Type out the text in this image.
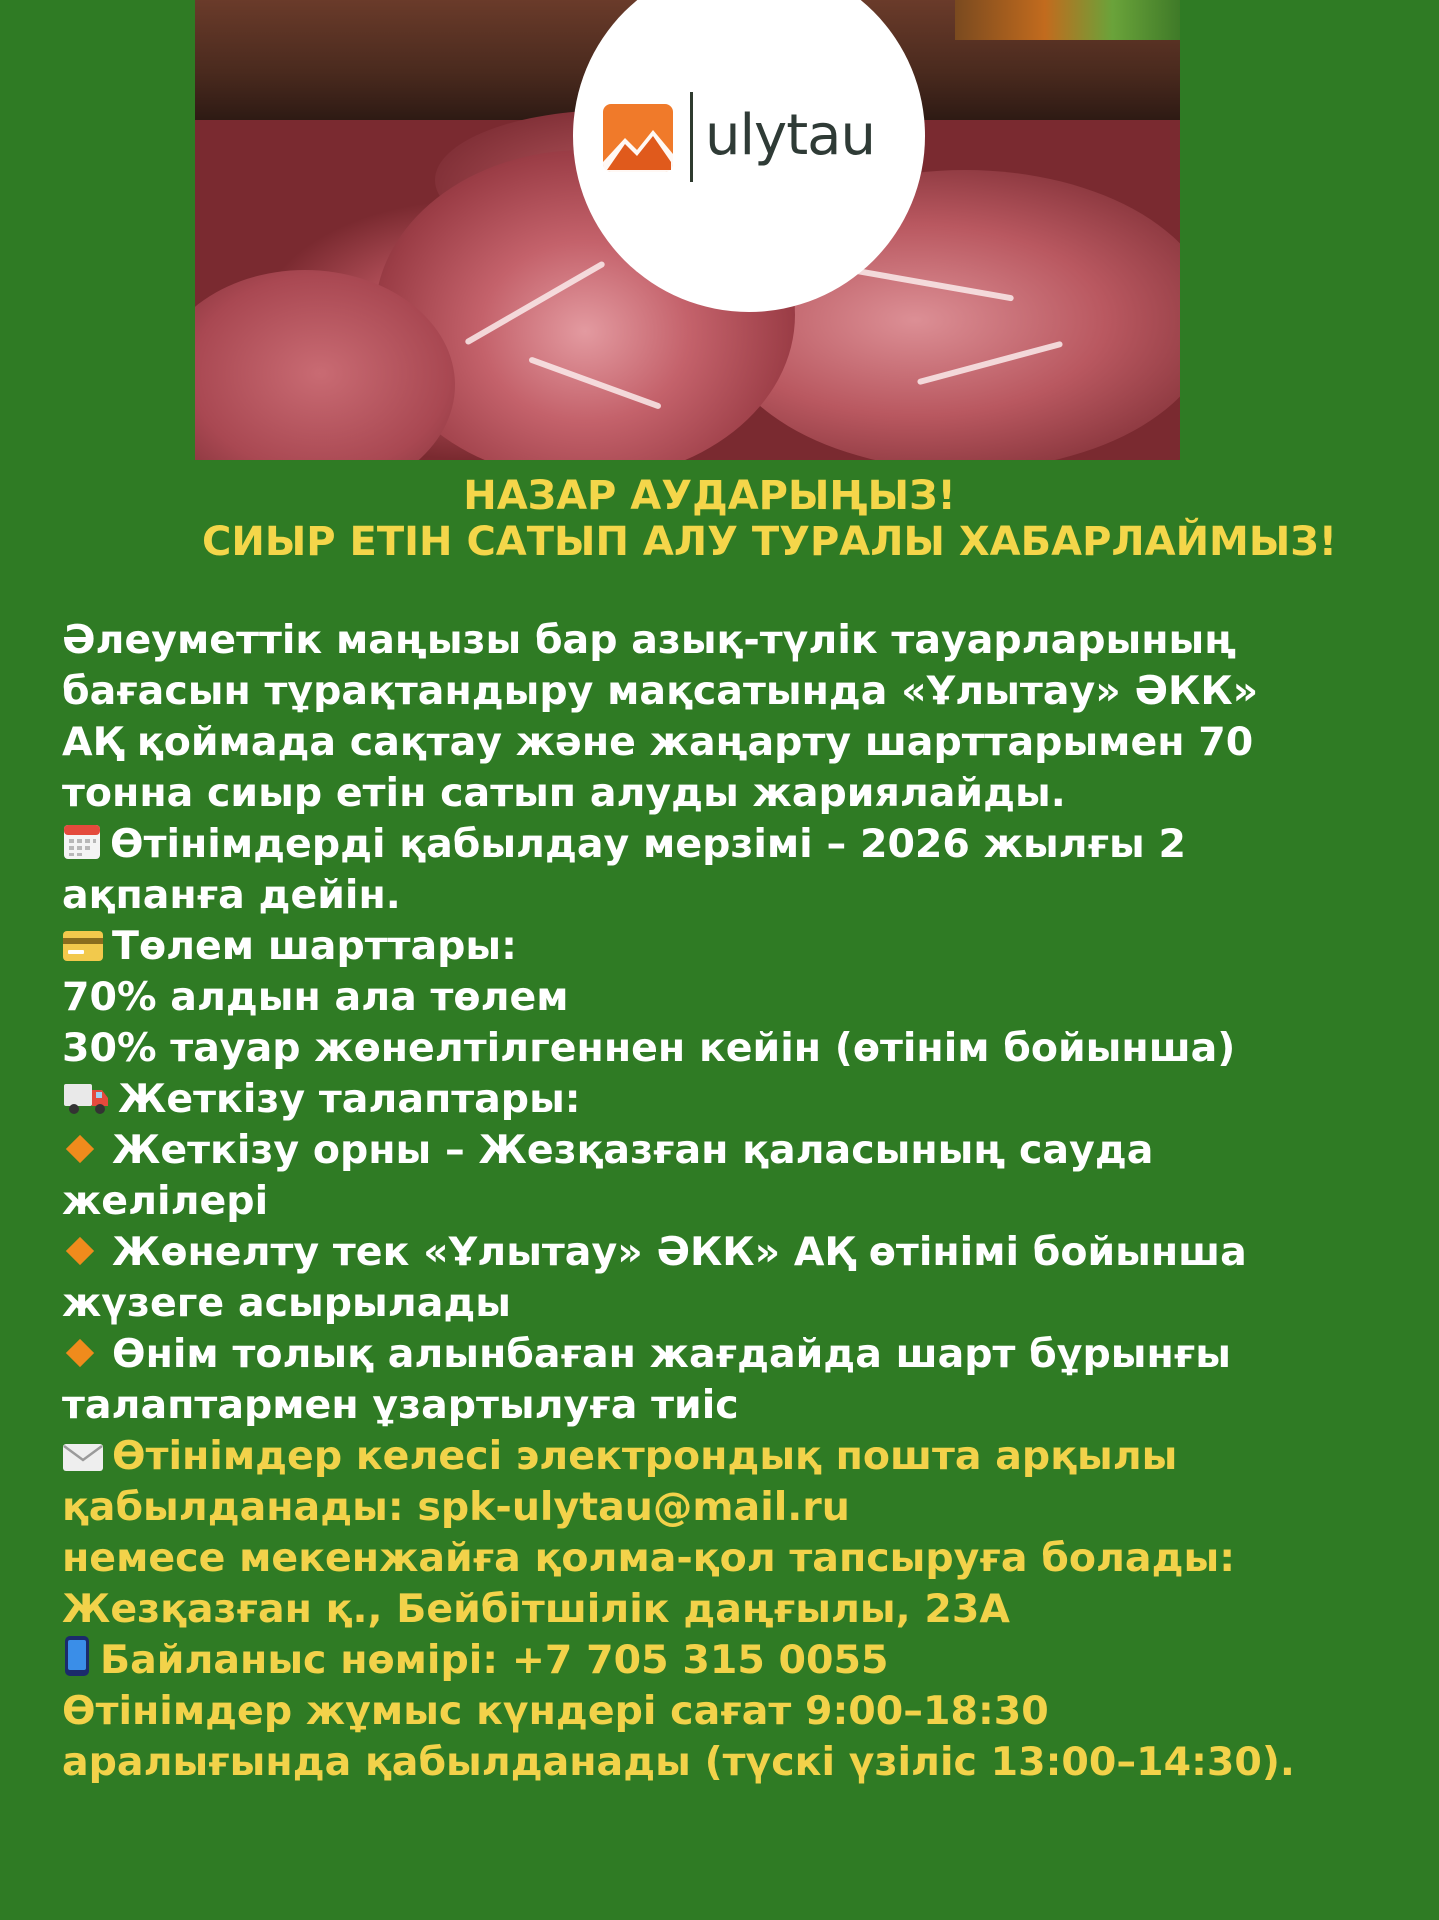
ulytau
НАЗАР АУДАРЫҢЫЗ!
СИЫР ЕТІН САТЫП АЛУ ТУРАЛЫ ХАБАРЛАЙМЫЗ!
Әлеуметтік маңызы бар азық-түлік тауарларының
бағасын тұрақтандыру мақсатында «Ұлытау» ӘКК»
АҚ қоймада сақтау және жаңарту шарттарымен 70
тонна сиыр етін сатып алуды жариялайды.
Өтінімдерді қабылдау мерзімі – 2026 жылғы 2
ақпанға дейін.
Төлем шарттары:
70% алдын ала төлем
30% тауар жөнелтілгеннен кейін (өтінім бойынша)
Жеткізу талаптары:
Жеткізу орны – Жезқазған қаласының сауда
желілері
Жөнелту тек «Ұлытау» ӘКК» АҚ өтінімі бойынша
жүзеге асырылады
Өнім толық алынбаған жағдайда шарт бұрынғы
талаптармен ұзартылуға тиіс
Өтінімдер келесі электрондық пошта арқылы
қабылданады: spk-ulytau@mail.ru
немесе мекенжайға қолма-қол тапсыруға болады:
Жезқазған қ., Бейбітшілік даңғылы, 23А
Байланыс нөмірі: +7 705 315 0055
Өтінімдер жұмыс күндері сағат 9:00–18:30
аралығында қабылданады (түскі үзіліс 13:00–14:30).
